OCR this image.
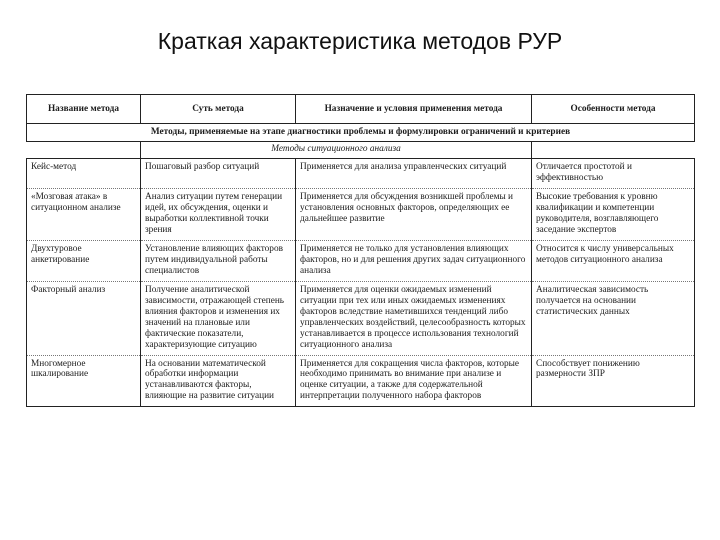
Краткая характеристика методов РУР
Название метода	Суть метода	Назначение и условия применения метода	Особенности метода
Методы, применяемые на этапе диагностики проблемы и формулировки ограничений и критериев			
	Методы ситуационного анализа		

Кейс-метод	Пошаговый разбор ситуаций	Применяется для анализа управленческих ситуаций	Отличается простотой и эффективностью

«Мозговая атака» в ситуационном анализе	Анализ ситуации путем генерации идей, их обсуждения, оценки и выработки коллективной точки зрения	Применяется для обсуждения возникшей проблемы и установления основных факторов, определяющих ее дальнейшее развитие	Высокие требования к уровню квалификации и компетенции руководителя, возглавляющего заседание экспертов

Двухтуровое анкетирование	Установление влияющих факторов путем индивидуальной работы специалистов	Применяется не только для установления влияющих факторов, но и для решения других задач ситуационного анализа	Относится к числу универсальных методов ситуационного анализа

Факторный анализ	Получение аналитической зависимости, отражающей степень влияния факторов и изменения их значений на плановые или фактические показатели, характеризующие ситуацию	Применяется для оценки ожидаемых изменений ситуации при тех или иных ожидаемых изменениях факторов вследствие наметившихся тенденций либо управленческих воздействий, целесообразность которых устанавливается в процессе использования технологий ситуационного анализа	Аналитическая зависимость получается на основании статистических данных

Многомерное шкалирование	На основании математической обработки информации устанавливаются факторы, влияющие на развитие ситуации	Применяется для сокращения числа факторов, которые необходимо принимать во внимание при анализе и оценке ситуации, а также для содержательной интерпретации полученного набора факторов	Способствует понижению размерности ЗПР
